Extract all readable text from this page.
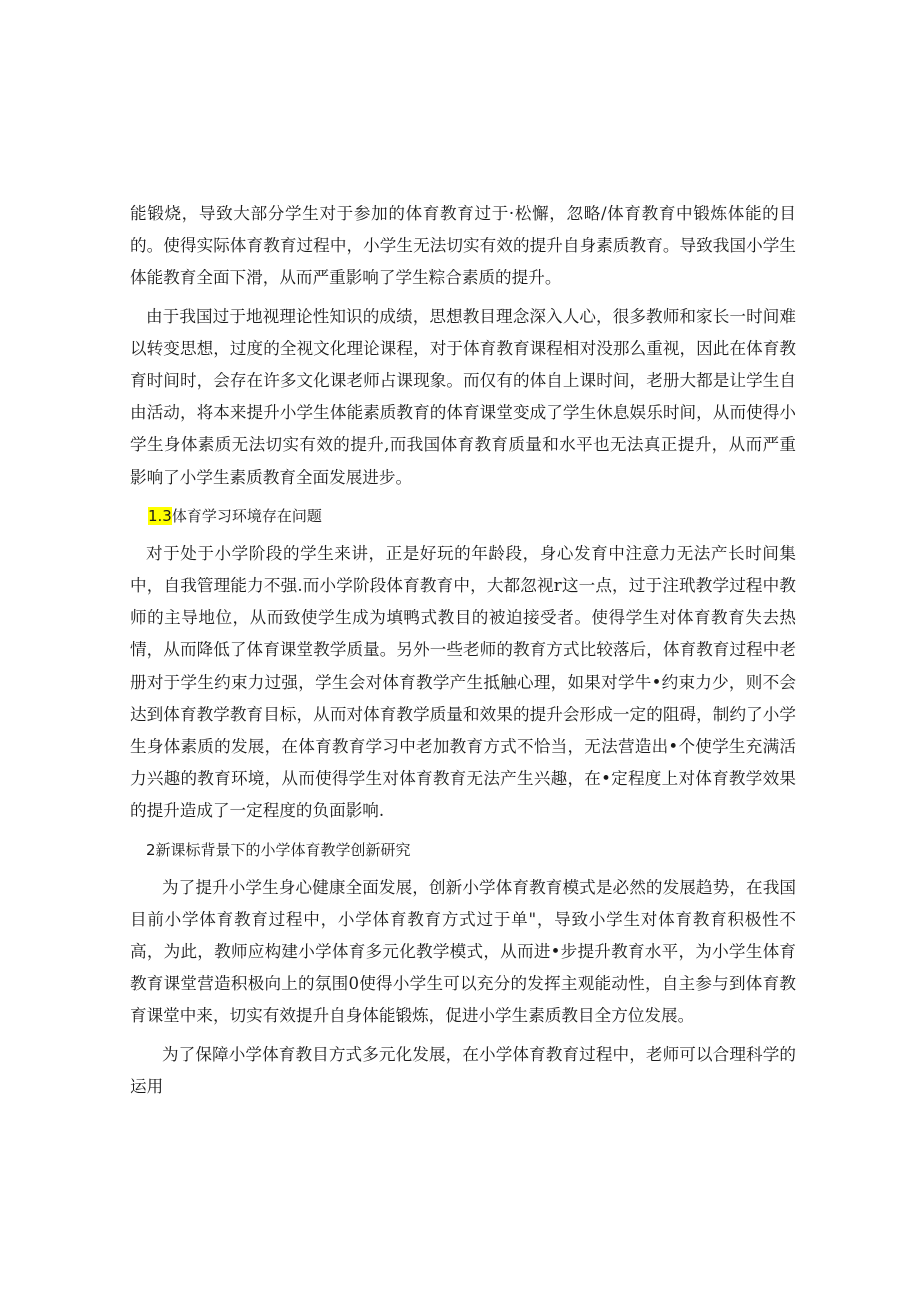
能锻烧，导致大部分学生对于参加的体育教育过于·松懈，忽略/体育教育中锻炼体能的目的。使得实际体育教育过程中，小学生无法切实有效的提升自身素质教育。导致我国小学生体能教育全面下滑，从而严重影响了学生粽合素质的提升。

由于我国过于地视理论性知识的成绩，思想教目理念深入人心，很多教师和家长一时间难以转变思想，过度的全视文化理论课程，对于体育教育课程相对没那么重视，因此在体育教育时间时，会存在许多文化课老师占课现象。而仅有的体自上课时间，老册大都是让学生自由活动，将本来提升小学生体能素质教育的体育课堂变成了学生休息娱乐时间，从而使得小学生身体素质无法切实有效的提升,而我国体育教育质量和水平也无法真正提升，从而严重影响了小学生素质教育全面发展进步。

1.3体育学习环境存在问题

对于处于小学阶段的学生来讲，正是好玩的年龄段，身心发育中注意力无法产长时间集中，自我管理能力不强.而小学阶段体育教育中，大都忽视r这一点，过于注玳教学过程中教师的主导地位，从而致使学生成为填鸭式教目的被迫接受者。使得学生对体育教育失去热情，从而降低了体育课堂教学质量。另外一些老师的教育方式比较落后，体育教育过程中老册对于学生约束力过强，学生会对体育教学产生抵触心理，如果对学牛•约束力少，则不会达到体育教学教育目标，从而对体育教学质量和效果的提升会形成一定的阻碍，制约了小学生身体素质的发展，在体育教育学习中老加教育方式不恰当，无法营造出•个使学生充满活力兴趣的教育环境，从而使得学生对体育教育无法产生兴趣，在•定程度上对体育教学效果的提升造成了一定程度的负面影响.

2新课标背景下的小学体育教学创新研究

为了提升小学生身心健康全面发展，创新小学体育教育模式是必然的发展趋势，在我国目前小学体育教育过程中，小学体育教育方式过于单"，导致小学生对体育教育积极性不高，为此，教师应构建小学体育多元化教学模式，从而进•步提升教育水平，为小学生体育教育课堂营造积极向上的氛围0使得小学生可以充分的发挥主观能动性，自主参与到体育教育课堂中来，切实有效提升自身体能锻炼，促进小学生素质教目全方位发展。

为了保障小学体育教目方式多元化发展，在小学体育教育过程中，老师可以合理科学的运用
